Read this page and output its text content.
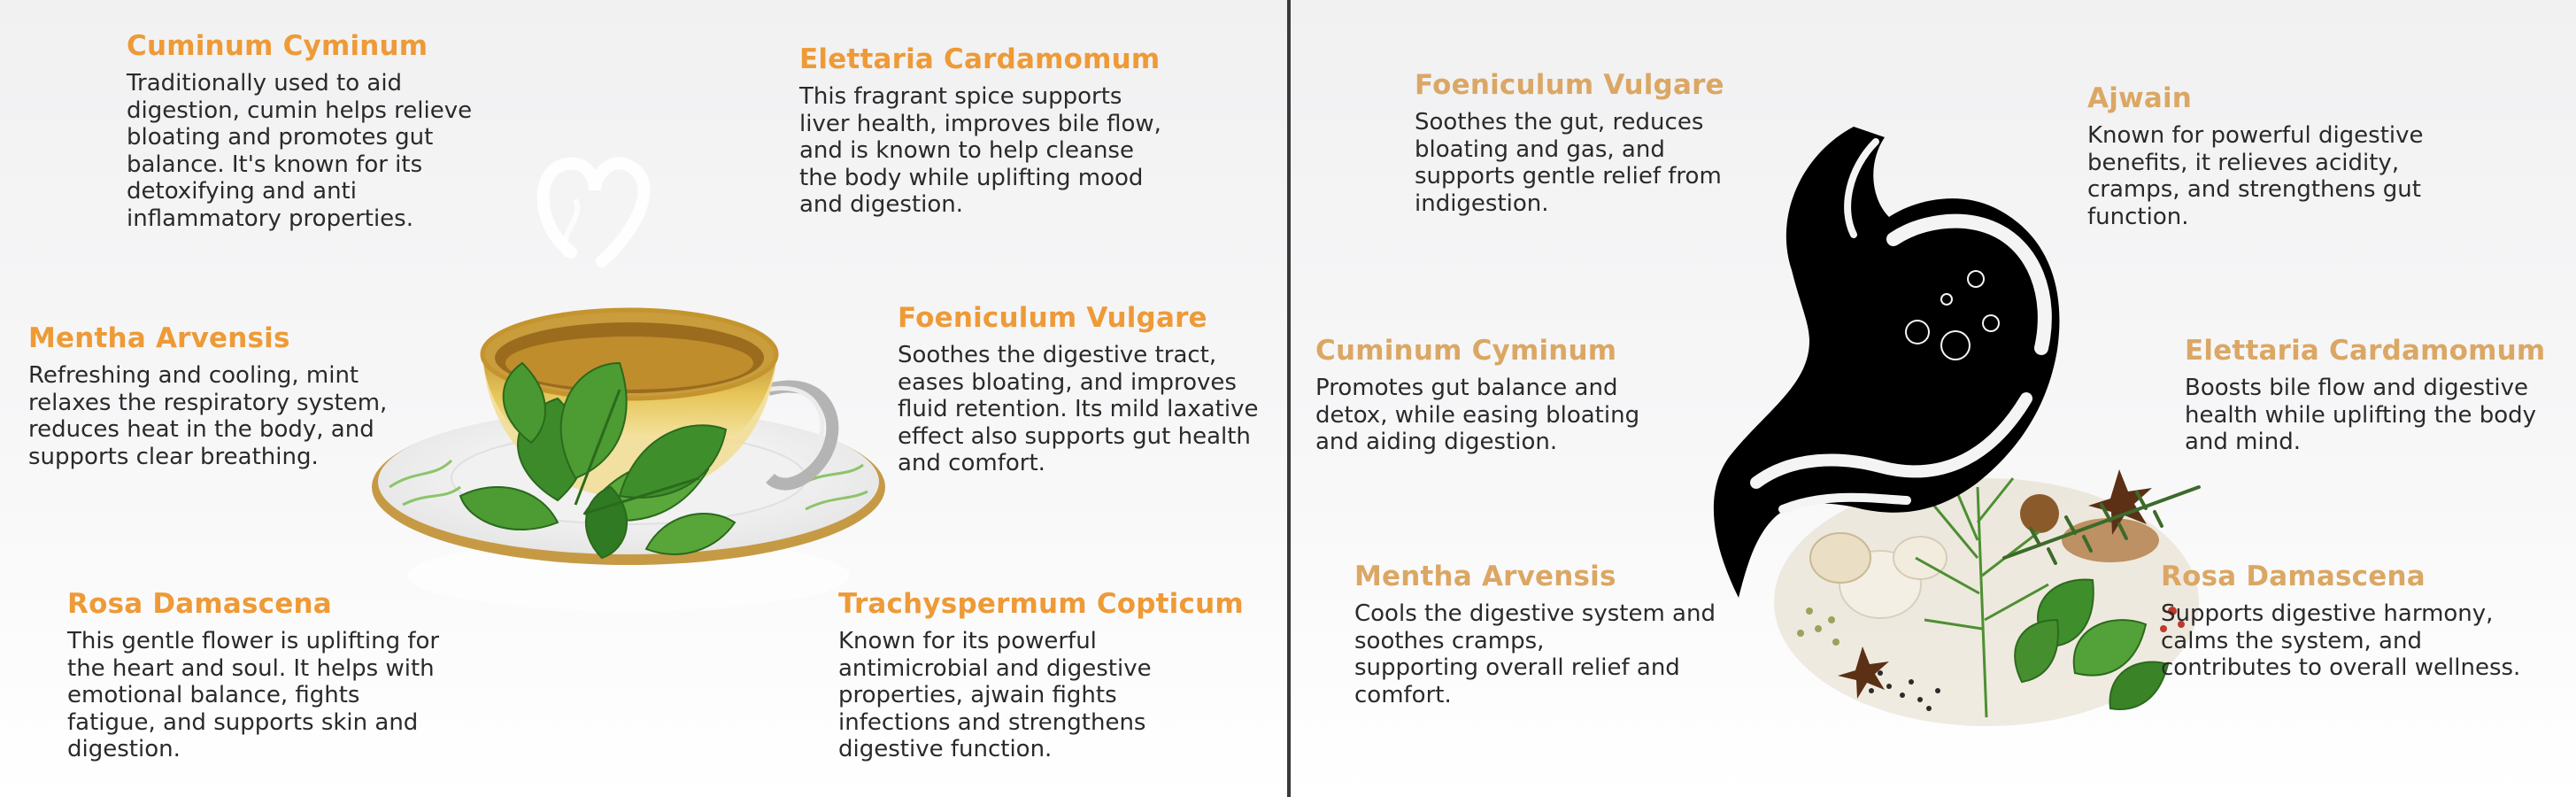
Cuminum Cyminum

Traditionally used to aid
digestion, cumin helps relieve
bloating and promotes gut
balance. It's known for its
detoxifying and anti
inflammatory properties.

Elettaria Cardamomum

This fragrant spice supports
liver health, improves bile flow,
and is known to help cleanse
the body while uplifting mood
and digestion.

Mentha Arvensis

Refreshing and cooling, mint
relaxes the respiratory system,
reduces heat in the body, and
supports clear breathing.

Foeniculum Vulgare

Soothes the digestive tract,
eases bloating, and improves
fluid retention. Its mild laxative
effect also supports gut health
and comfort.

Rosa Damascena

This gentle flower is uplifting for
the heart and soul. It helps with
emotional balance, fights
fatigue, and supports skin and
digestion.

Trachyspermum Copticum

Known for its powerful
antimicrobial and digestive
properties, ajwain fights
infections and strengthens
digestive function.

Foeniculum Vulgare

Soothes the gut, reduces
bloating and gas, and
supports gentle relief from
indigestion.

Ajwain

Known for powerful digestive
benefits, it relieves acidity,
cramps, and strengthens gut
function.

Cuminum Cyminum

Promotes gut balance and
detox, while easing bloating
and aiding digestion.

Elettaria Cardamomum

Boosts bile flow and digestive
health while uplifting the body
and mind.

Mentha Arvensis

Cools the digestive system and
soothes cramps,
supporting overall relief and
comfort.

Rosa Damascena

Supports digestive harmony,
calms the system, and
contributes to overall wellness.
